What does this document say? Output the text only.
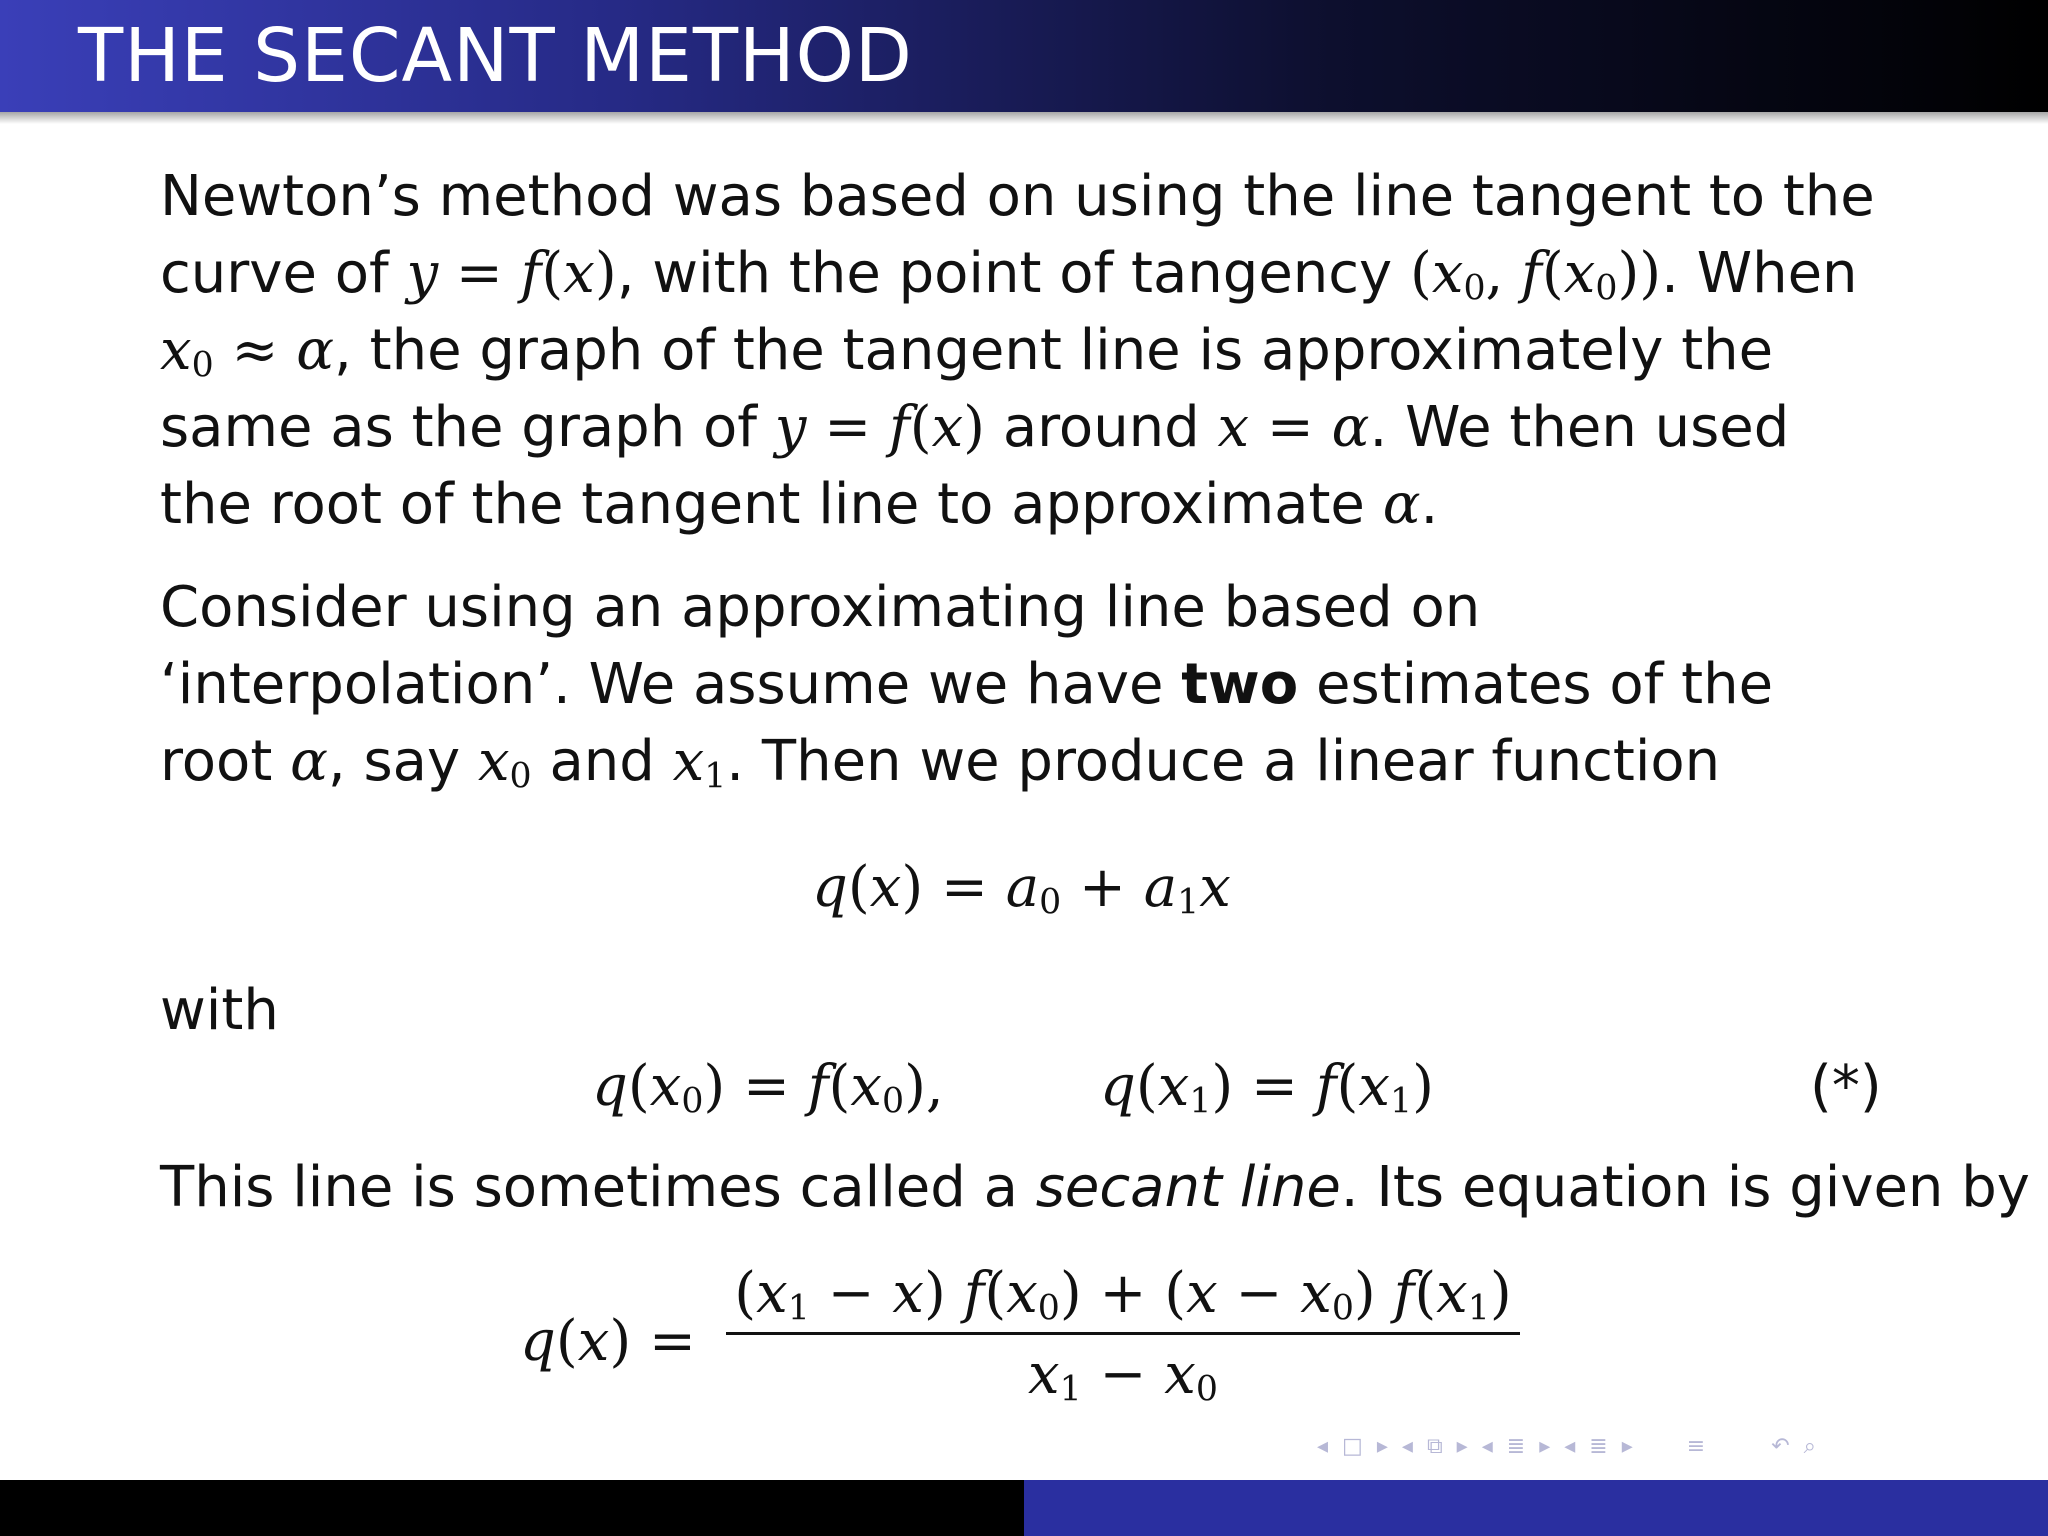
THE SECANT METHOD
Newton’s method was based on using the line tangent to the curve of y = f(x), with the point of tangency ($x_0$, $f(x_0)$). When $x_0 \approx \alpha$, the graph of the tangent line is approximately the same as the graph of y = f(x) around x = α. We then used the root of the tangent line to approximate α.
Consider using an approximating line based on ‘interpolation’. We assume we have two estimates of the root α, say $x_0$ and $x_1$. Then we produce a linear function
$q(x) = a_0 + a_1x$
with
$q(x_0) = f(x_0)$,	$q(x_1) = f(x_1)$	(*)
This line is sometimes called a secant line. Its equation is given by
q(x) =
$(x_1 - x) f(x_0) + (x - x_0)$ $f(x_1)$
$x_1 - x_0$
◂ □ ▸ ◂ ⧉ ▸ ◂ ≣ ▸ ◂ ≣ ▸ ≡	↶ ⌕
